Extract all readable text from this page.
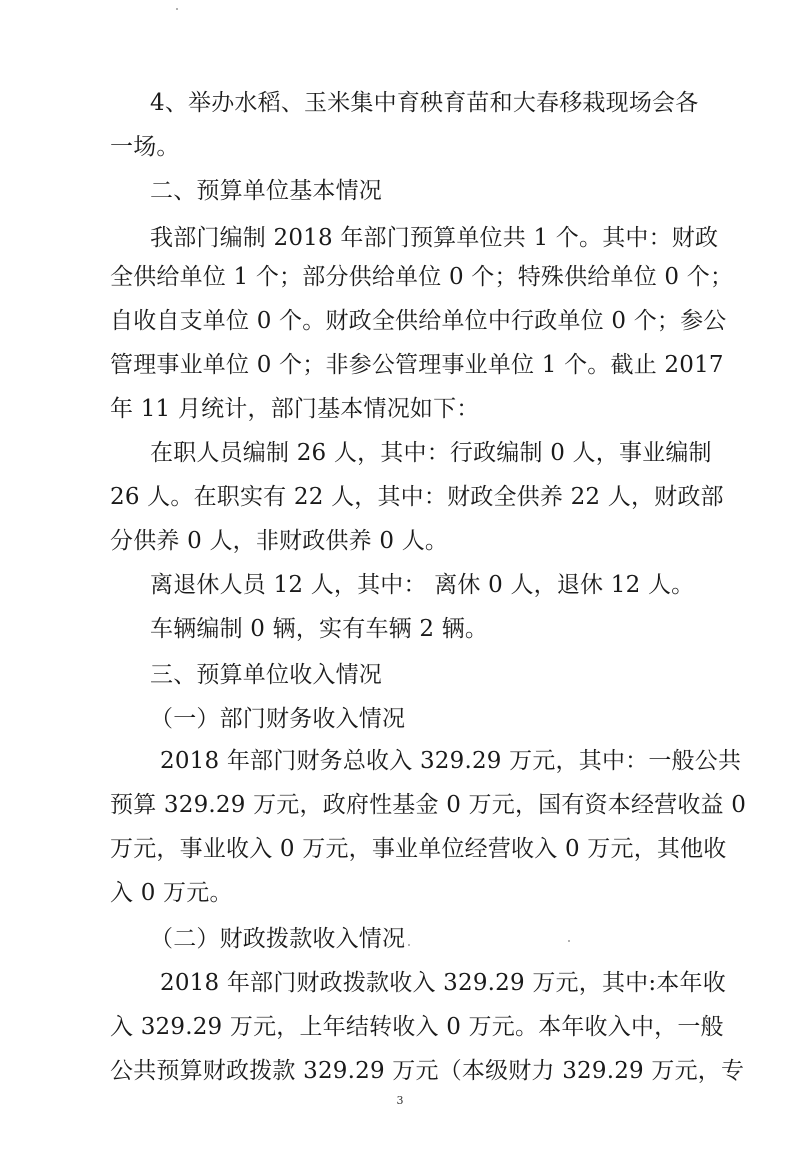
4、举办水稻、玉米集中育秧育苗和大春移栽现场会各
一场。
二、预算单位基本情况
我部门编制 2018 年部门预算单位共 1 个。其中：财政
全供给单位 1 个；部分供给单位 0 个；特殊供给单位 0 个；
自收自支单位 0 个。财政全供给单位中行政单位 0 个；参公
管理事业单位 0 个；非参公管理事业单位 1 个。截止 2017
年 11 月统计，部门基本情况如下：
在职人员编制 26 人，其中：行政编制 0 人，事业编制
26 人。在职实有 22 人，其中：财政全供养 22 人，财政部
分供养 0 人，非财政供养 0 人。
离退休人员 12 人，其中： 离休 0 人，退休 12 人。
车辆编制 0 辆，实有车辆 2 辆。
三、预算单位收入情况
（一）部门财务收入情况
2018 年部门财务总收入 329.29 万元，其中：一般公共
预算 329.29 万元，政府性基金 0 万元，国有资本经营收益 0
万元，事业收入 0 万元，事业单位经营收入 0 万元，其他收
入 0 万元。
（二）财政拨款收入情况
2018 年部门财政拨款收入 329.29 万元，其中:本年收
入 329.29 万元，上年结转收入 0 万元。本年收入中，一般
公共预算财政拨款 329.29 万元（本级财力 329.29 万元，专
3
